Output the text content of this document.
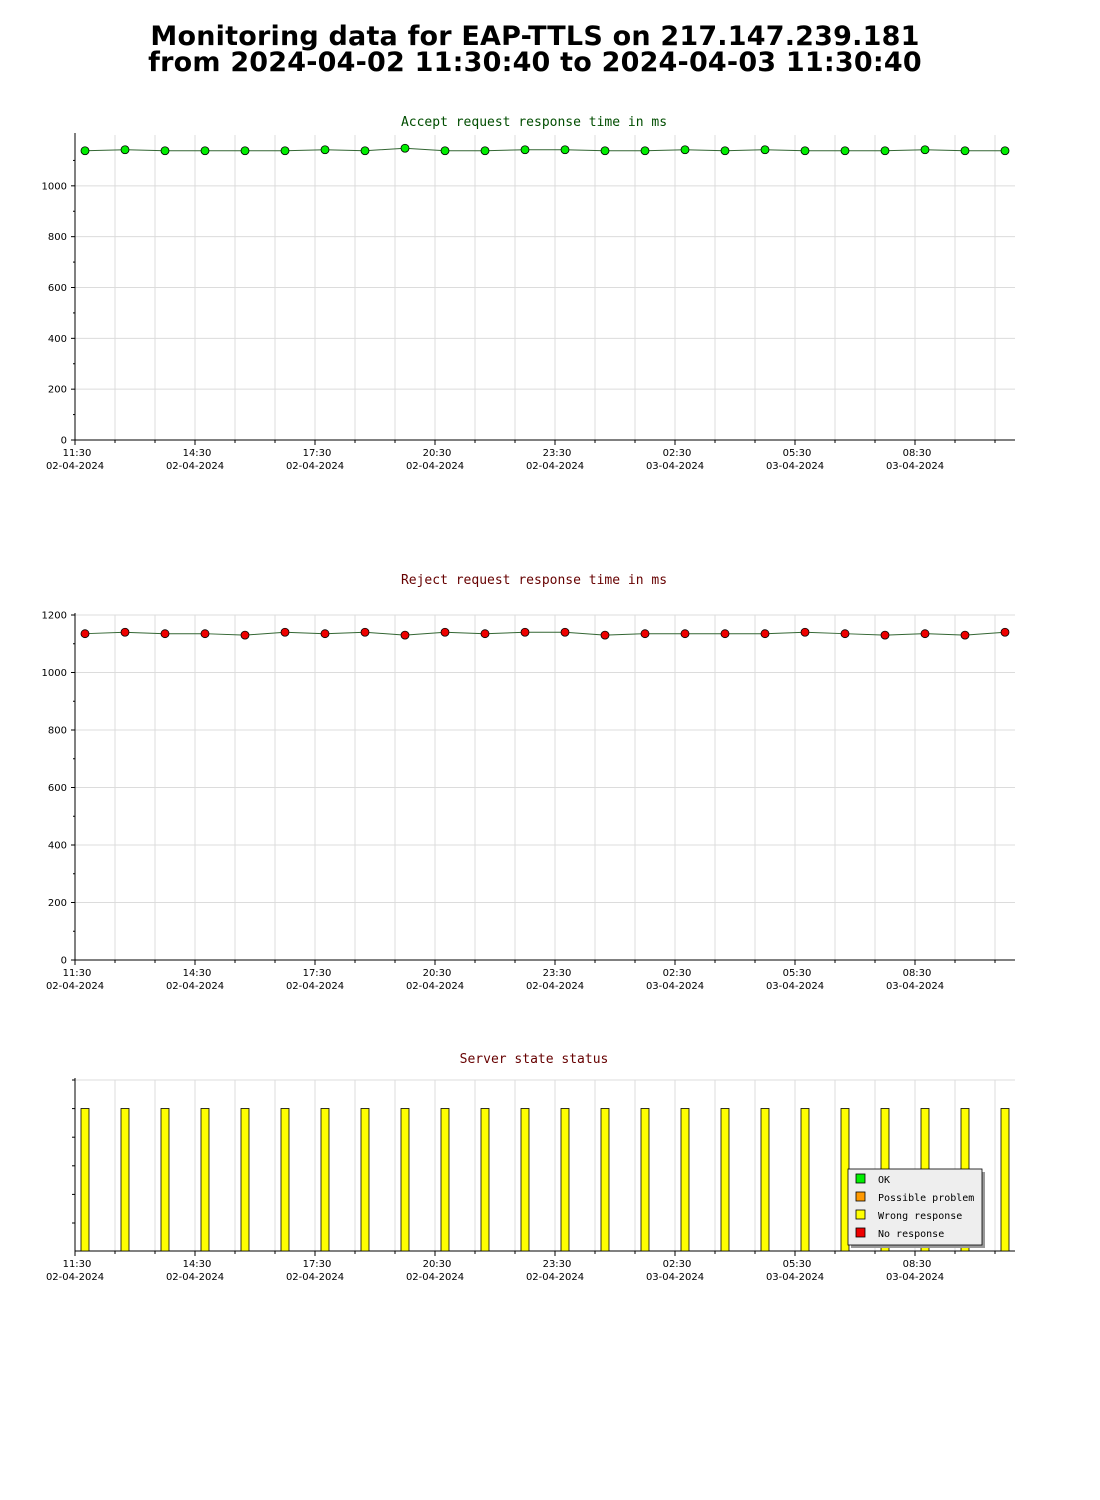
Monitoring data for EAP-TTLS on 217.147.239.181
from 2024-04-02 11:30:40 to 2024-04-03 11:30:40
Accept request response time in ms
0
200
400
600
800
1000
11:30
02-04-2024
14:30
02-04-2024
17:30
02-04-2024
20:30
02-04-2024
23:30
02-04-2024
02:30
03-04-2024
05:30
03-04-2024
08:30
03-04-2024
Reject request response time in ms
0
200
400
600
800
1000
1200
11:30
02-04-2024
14:30
02-04-2024
17:30
02-04-2024
20:30
02-04-2024
23:30
02-04-2024
02:30
03-04-2024
05:30
03-04-2024
08:30
03-04-2024
Server state status
11:30
02-04-2024
14:30
02-04-2024
17:30
02-04-2024
20:30
02-04-2024
23:30
02-04-2024
02:30
03-04-2024
05:30
03-04-2024
08:30
03-04-2024
OK
Possible problem
Wrong response
No response
